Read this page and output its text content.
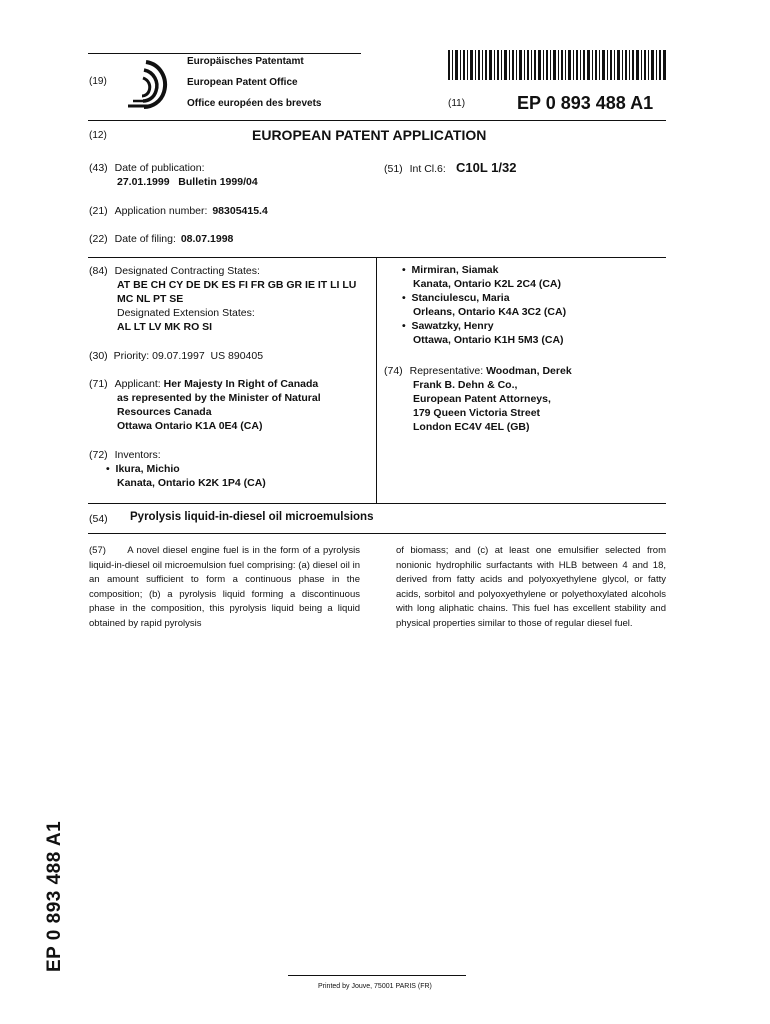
(19)
Europäisches Patentamt
European Patent Office
Office européen des brevets	(11)	EP 0 893 488 A1
(12)	EUROPEAN PATENT APPLICATION
(43) Date of publication:
27.01.1999   Bulletin 1999/04
(51) Int Cl.6: C10L 1/32
(21) Application number: 98305415.4
(22) Date of filing: 08.07.1998
(84) Designated Contracting States:
AT BE CH CY DE DK ES FI FR GB GR IE IT LI LU
MC NL PT SE
Designated Extension States:
AL LT LV MK RO SI
(30) Priority: 09.07.1997  US 890405
(71) Applicant: Her Majesty In Right of Canada
as represented by the Minister of Natural
Resources Canada
Ottawa Ontario K1A 0E4 (CA)
(72) Inventors:
• Ikura, Michio
Kanata, Ontario K2K 1P4 (CA)
• Mirmiran, Siamak
Kanata, Ontario K2L 2C4 (CA)
• Stanciulescu, Maria
Orleans, Ontario K4A 3C2 (CA)
• Sawatzky, Henry
Ottawa, Ontario K1H 5M3 (CA)
(74) Representative: Woodman, Derek
Frank B. Dehn & Co.,
European Patent Attorneys,
179 Queen Victoria Street
London EC4V 4EL (GB)
(54) Pyrolysis liquid-in-diesel oil microemulsions
(57) A novel diesel engine fuel is in the form of a pyrolysis liquid-in-diesel oil microemulsion fuel comprising: (a) diesel oil in an amount sufficient to form a continuous phase in the composition; (b) a pyrolysis liquid forming a discontinuous phase in the composition, this pyrolysis liquid being a liquid obtained by rapid pyrolysis
of biomass; and (c) at least one emulsifier selected from nonionic hydrophilic surfactants with HLB between 4 and 18, derived from fatty acids and polyoxyethylene glycol, or fatty acids, sorbitol and polyoxyethylene or polyethoxylated alcohols with long aliphatic chains. This fuel has excellent stability and physical properties similar to those of regular diesel fuel.
EP 0 893 488 A1
Printed by Jouve, 75001 PARIS (FR)
